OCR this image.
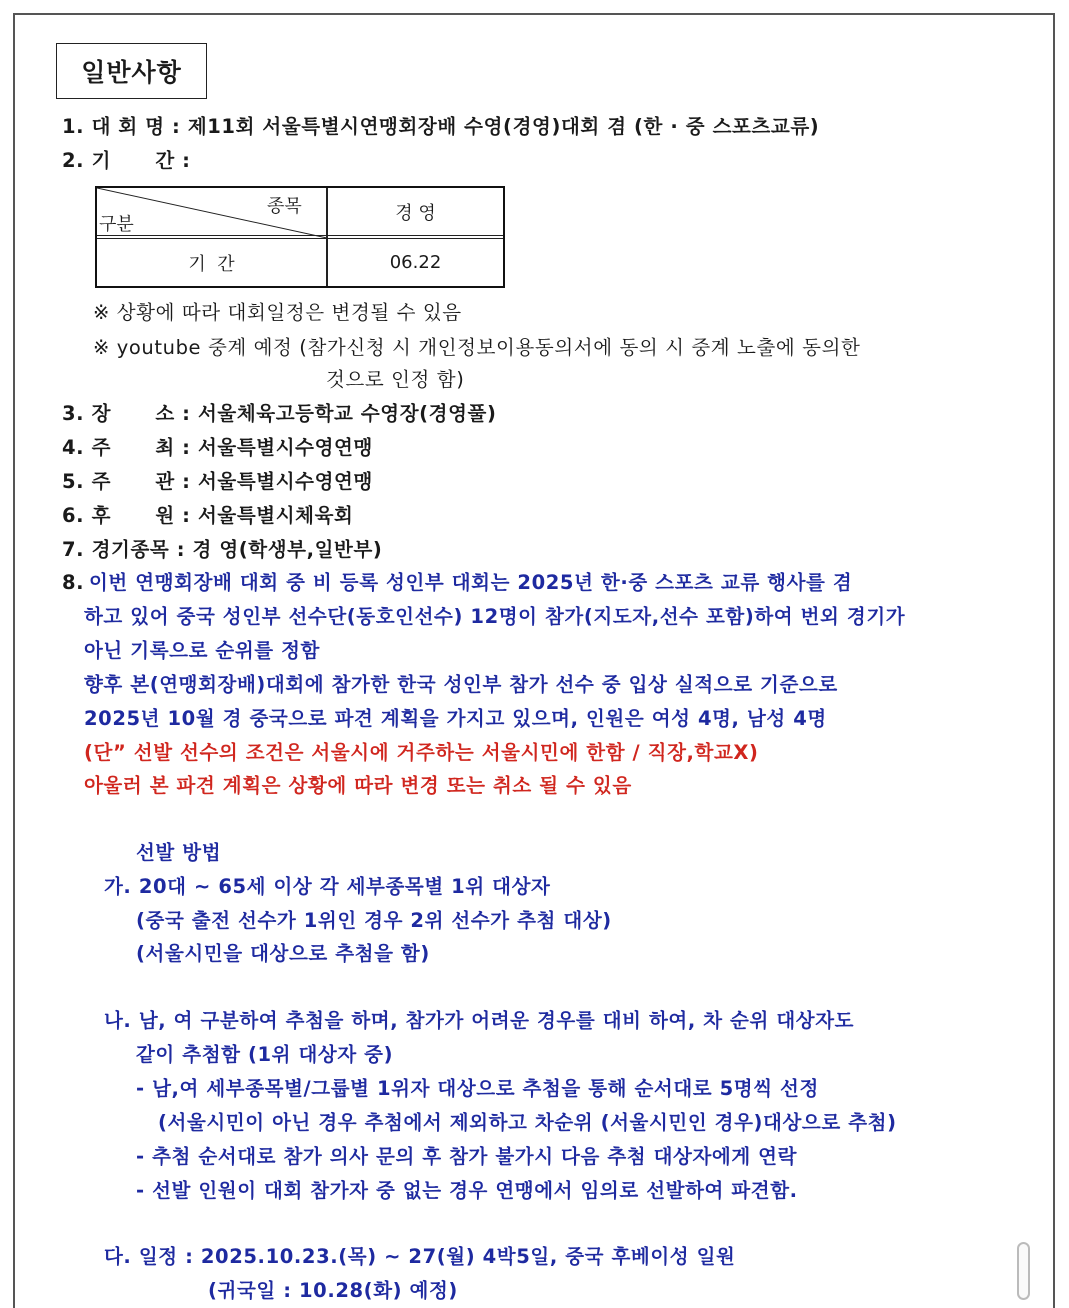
일반사항
1. 대 회 명 : 제11회 서울특별시연맹회장배 수영(경영)대회 겸 (한 · 중 스포츠교류)
2. 기      간 :
구분
종목	경 영
기  간	06.22
※ 상황에 따라 대회일정은 변경될 수 있음
※ youtube 중계 예정 (참가신청 시 개인정보이용동의서에 동의 시 중계 노출에 동의한
것으로 인정 함)
3. 장      소 : 서울체육고등학교 수영장(경영풀)
4. 주      최 : 서울특별시수영연맹
5. 주      관 : 서울특별시수영연맹
6. 후      원 : 서울특별시체육회
7. 경기종목 : 경 영(학생부,일반부)
8. 이번 연맹회장배 대회 중 비 등록 성인부 대회는 2025년 한·중 스포츠 교류 행사를 겸
하고 있어 중국 성인부 선수단(동호인선수) 12명이 참가(지도자,선수 포함)하여 번외 경기가
아닌 기록으로 순위를 정함
향후 본(연맹회장배)대회에 참가한 한국 성인부 참가 선수 중 입상 실적으로 기준으로
2025년 10월 경 중국으로 파견 계획을 가지고 있으며, 인원은 여성 4명, 남성 4명
(단” 선발 선수의 조건은 서울시에 거주하는 서울시민에 한함 / 직장,학교X)
아울러 본 파견 계획은 상황에 따라 변경 또는 취소 될 수 있음
선발 방법
가. 20대 ~ 65세 이상 각 세부종목별 1위 대상자
(중국 출전 선수가 1위인 경우 2위 선수가 추첨 대상)
(서울시민을 대상으로 추첨을 함)
나. 남, 여 구분하여 추첨을 하며, 참가가 어려운 경우를 대비 하여, 차 순위 대상자도
같이 추첨함 (1위 대상자 중)
- 남,여 세부종목별/그룹별 1위자 대상으로 추첨을 통해 순서대로 5명씩 선정
(서울시민이 아닌 경우 추첨에서 제외하고 차순위 (서울시민인 경우)대상으로 추첨)
- 추첨 순서대로 참가 의사 문의 후 참가 불가시 다음 추첨 대상자에게 연락
- 선발 인원이 대회 참가자 중 없는 경우 연맹에서 임의로 선발하여 파견함.
다. 일정 : 2025.10.23.(목) ~ 27(월) 4박5일, 중국 후베이성 일원
(귀국일 : 10.28(화) 예정)
